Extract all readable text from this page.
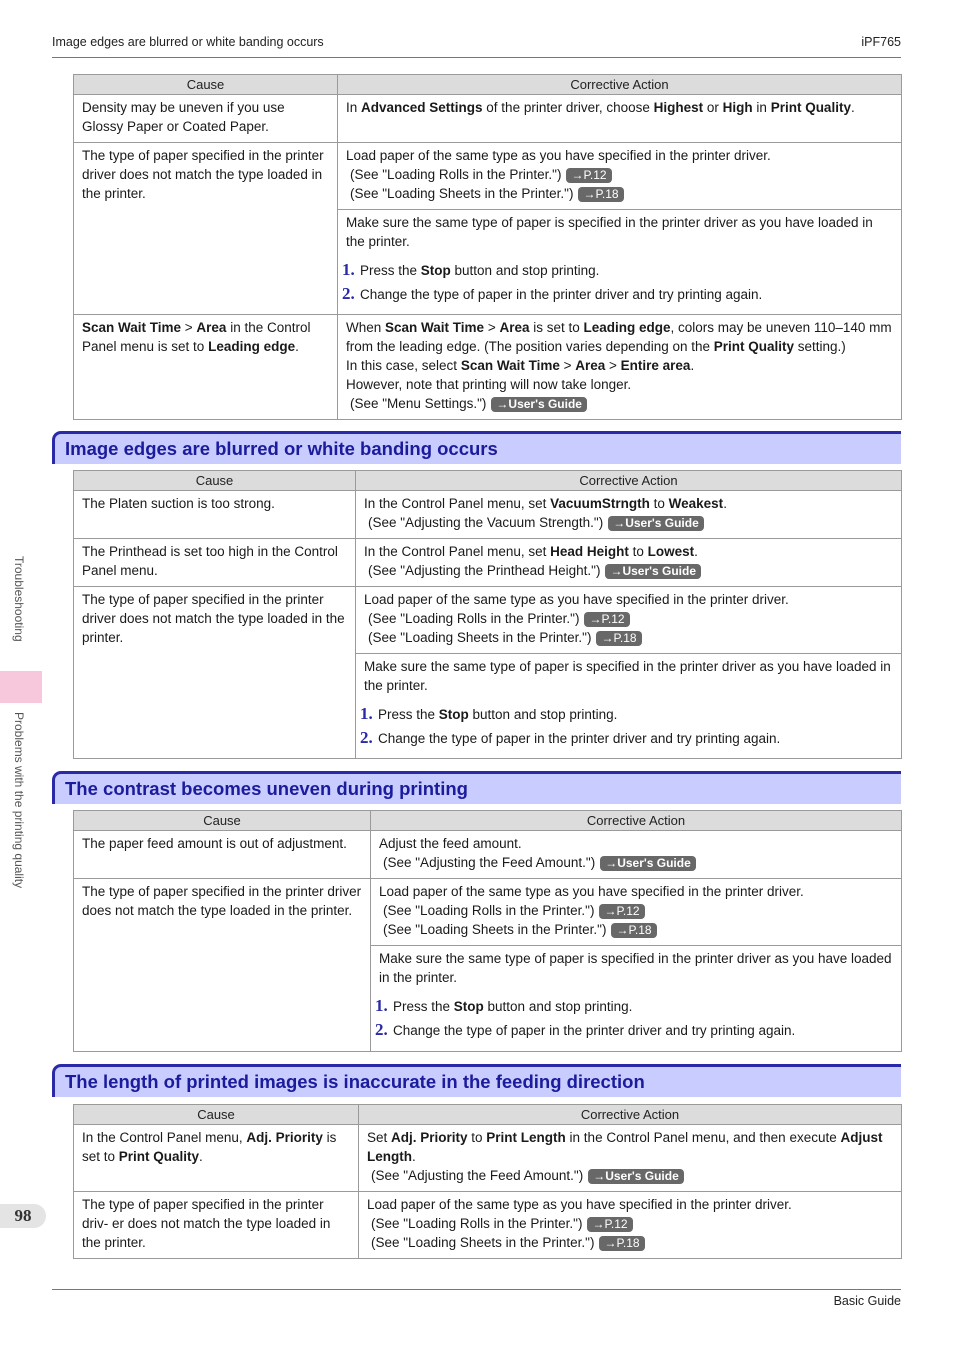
Image edges are blurred or white banding occurs	iPF765
Troubleshooting
Problems with the printing quality
98
Basic Guide
Cause	Corrective Action
Density may be uneven if you use Glossy Paper or Coated Paper.	In Advanced Settings of the printer driver, choose Highest or High in Print Quality.
The type of paper specified in the printer driver does not match the type loaded in the printer.	Load paper of the same type as you have specified in the printer driver.
(See "Loading Rolls in the Printer.") →P.12
(See "Loading Sheets in the Printer.") →P.18

	Make sure the same type of paper is specified in the printer driver as you have loaded in the printer.
1. Press the Stop button and stop printing.
2. Change the type of paper in the printer driver and try printing again.

Scan Wait Time > Area in the Control Panel menu is set to Leading edge.	When Scan Wait Time > Area is set to Leading edge, colors may be uneven 110–140 mm from the leading edge. (The position varies depending on the Print Quality setting.)
In this case, select Scan Wait Time > Area > Entire area.
However, note that printing will now take longer.
(See "Menu Settings.") →User's Guide
Image edges are blurred or white banding occurs
Cause	Corrective Action
The Platen suction is too strong.	In the Control Panel menu, set VacuumStrngth to Weakest.
(See "Adjusting the Vacuum Strength.") →User's Guide

The Printhead is set too high in the Control Panel menu.	In the Control Panel menu, set Head Height to Lowest.
(See "Adjusting the Printhead Height.") →User's Guide

The type of paper specified in the printer driver does not match the type loaded in the printer.	Load paper of the same type as you have specified in the printer driver.
(See "Loading Rolls in the Printer.") →P.12
(See "Loading Sheets in the Printer.") →P.18

	Make sure the same type of paper is specified in the printer driver as you have loaded in the printer.
1. Press the Stop button and stop printing.
2. Change the type of paper in the printer driver and try printing again.
The contrast becomes uneven during printing
Cause	Corrective Action
The paper feed amount is out of adjustment.	Adjust the feed amount.
(See "Adjusting the Feed Amount.") →User's Guide

The type of paper specified in the printer driver does not match the type loaded in the printer.	Load paper of the same type as you have specified in the printer driver.
(See "Loading Rolls in the Printer.") →P.12
(See "Loading Sheets in the Printer.") →P.18

	Make sure the same type of paper is specified in the printer driver as you have loaded in the printer.
1. Press the Stop button and stop printing.
2. Change the type of paper in the printer driver and try printing again.
The length of printed images is inaccurate in the feeding direction
Cause	Corrective Action
In the Control Panel menu, Adj. Priority is set to Print Quality.	Set Adj. Priority to Print Length in the Control Panel menu, and then execute Adjust Length.
(See "Adjusting the Feed Amount.") →User's Guide

The type of paper specified in the printer driv- er does not match the type loaded in the printer.	Load paper of the same type as you have specified in the printer driver.
(See "Loading Rolls in the Printer.") →P.12
(See "Loading Sheets in the Printer.") →P.18
